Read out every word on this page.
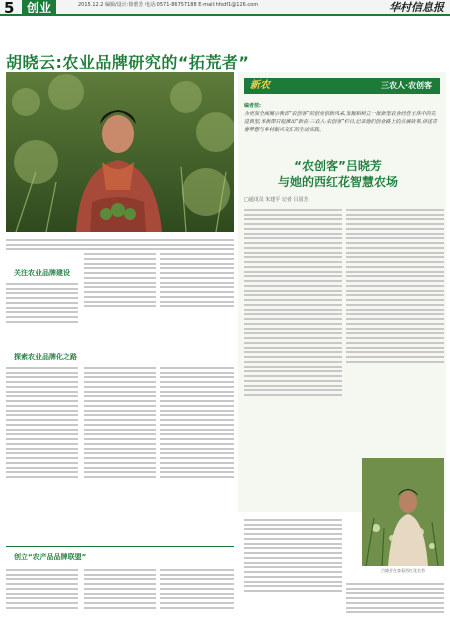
5	创业	2015.12.2 编辑/设计:徐蕾芳 电话:0571-86757188 E-mail:hfsdf1@126.com	华村信息报
胡晓云:农业品牌研究的“拓荒者”
新农	三农人·农创客
编者按:
为更加全面展示我省“农创客”的创业创新风采,发掘和树立一批新型农业经营主体中的先进典型,本报即日起推出“新农·三农人·农创客”栏目,记录他们创业路上的点滴故事,讲述青春梦想与乡村振兴交汇的生动实践。
“农创客”吕晓芳
与她的西红花智慧农场
□通讯员 朱建平 记者 吕国芳
吕晓芳在查看西红花长势
关注农业品牌建设
探索农业品牌化之路
创立“农产品品牌联盟”
